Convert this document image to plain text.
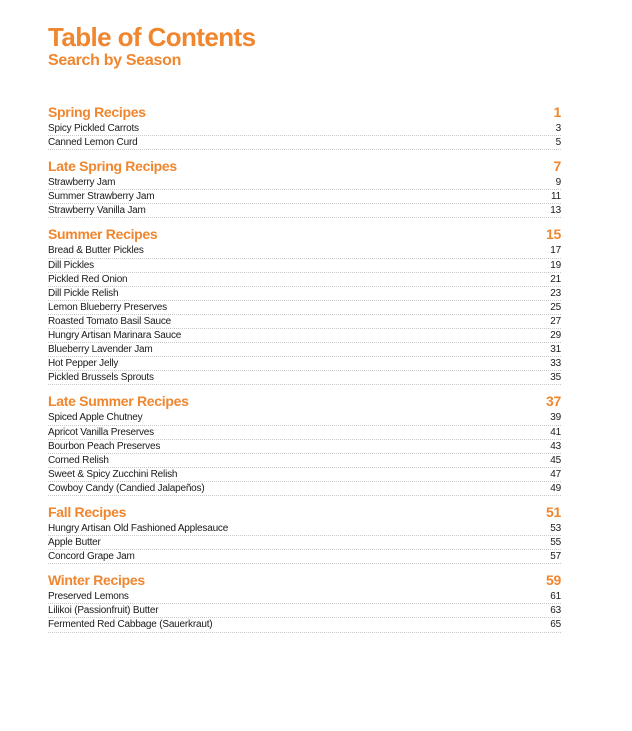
Table of Contents
Search by Season
Spring Recipes	1
Spicy Pickled Carrots	3
Canned Lemon Curd	5
Late Spring Recipes	7
Strawberry Jam	9
Summer Strawberry Jam	11
Strawberry Vanilla Jam	13
Summer Recipes	15
Bread & Butter Pickles	17
Dill Pickles	19
Pickled Red Onion	21
Dill Pickle Relish	23
Lemon Blueberry Preserves	25
Roasted Tomato Basil Sauce	27
Hungry Artisan Marinara Sauce	29
Blueberry Lavender Jam	31
Hot Pepper Jelly	33
Pickled Brussels Sprouts	35
Late Summer Recipes	37
Spiced Apple Chutney	39
Apricot Vanilla Preserves	41
Bourbon Peach Preserves	43
Corned Relish	45
Sweet & Spicy Zucchini Relish	47
Cowboy Candy (Candied Jalapeños)	49
Fall Recipes	51
Hungry Artisan Old Fashioned Applesauce	53
Apple Butter	55
Concord Grape Jam	57
Winter Recipes	59
Preserved Lemons	61
Lilikoi (Passionfruit) Butter	63
Fermented Red Cabbage (Sauerkraut)	65
